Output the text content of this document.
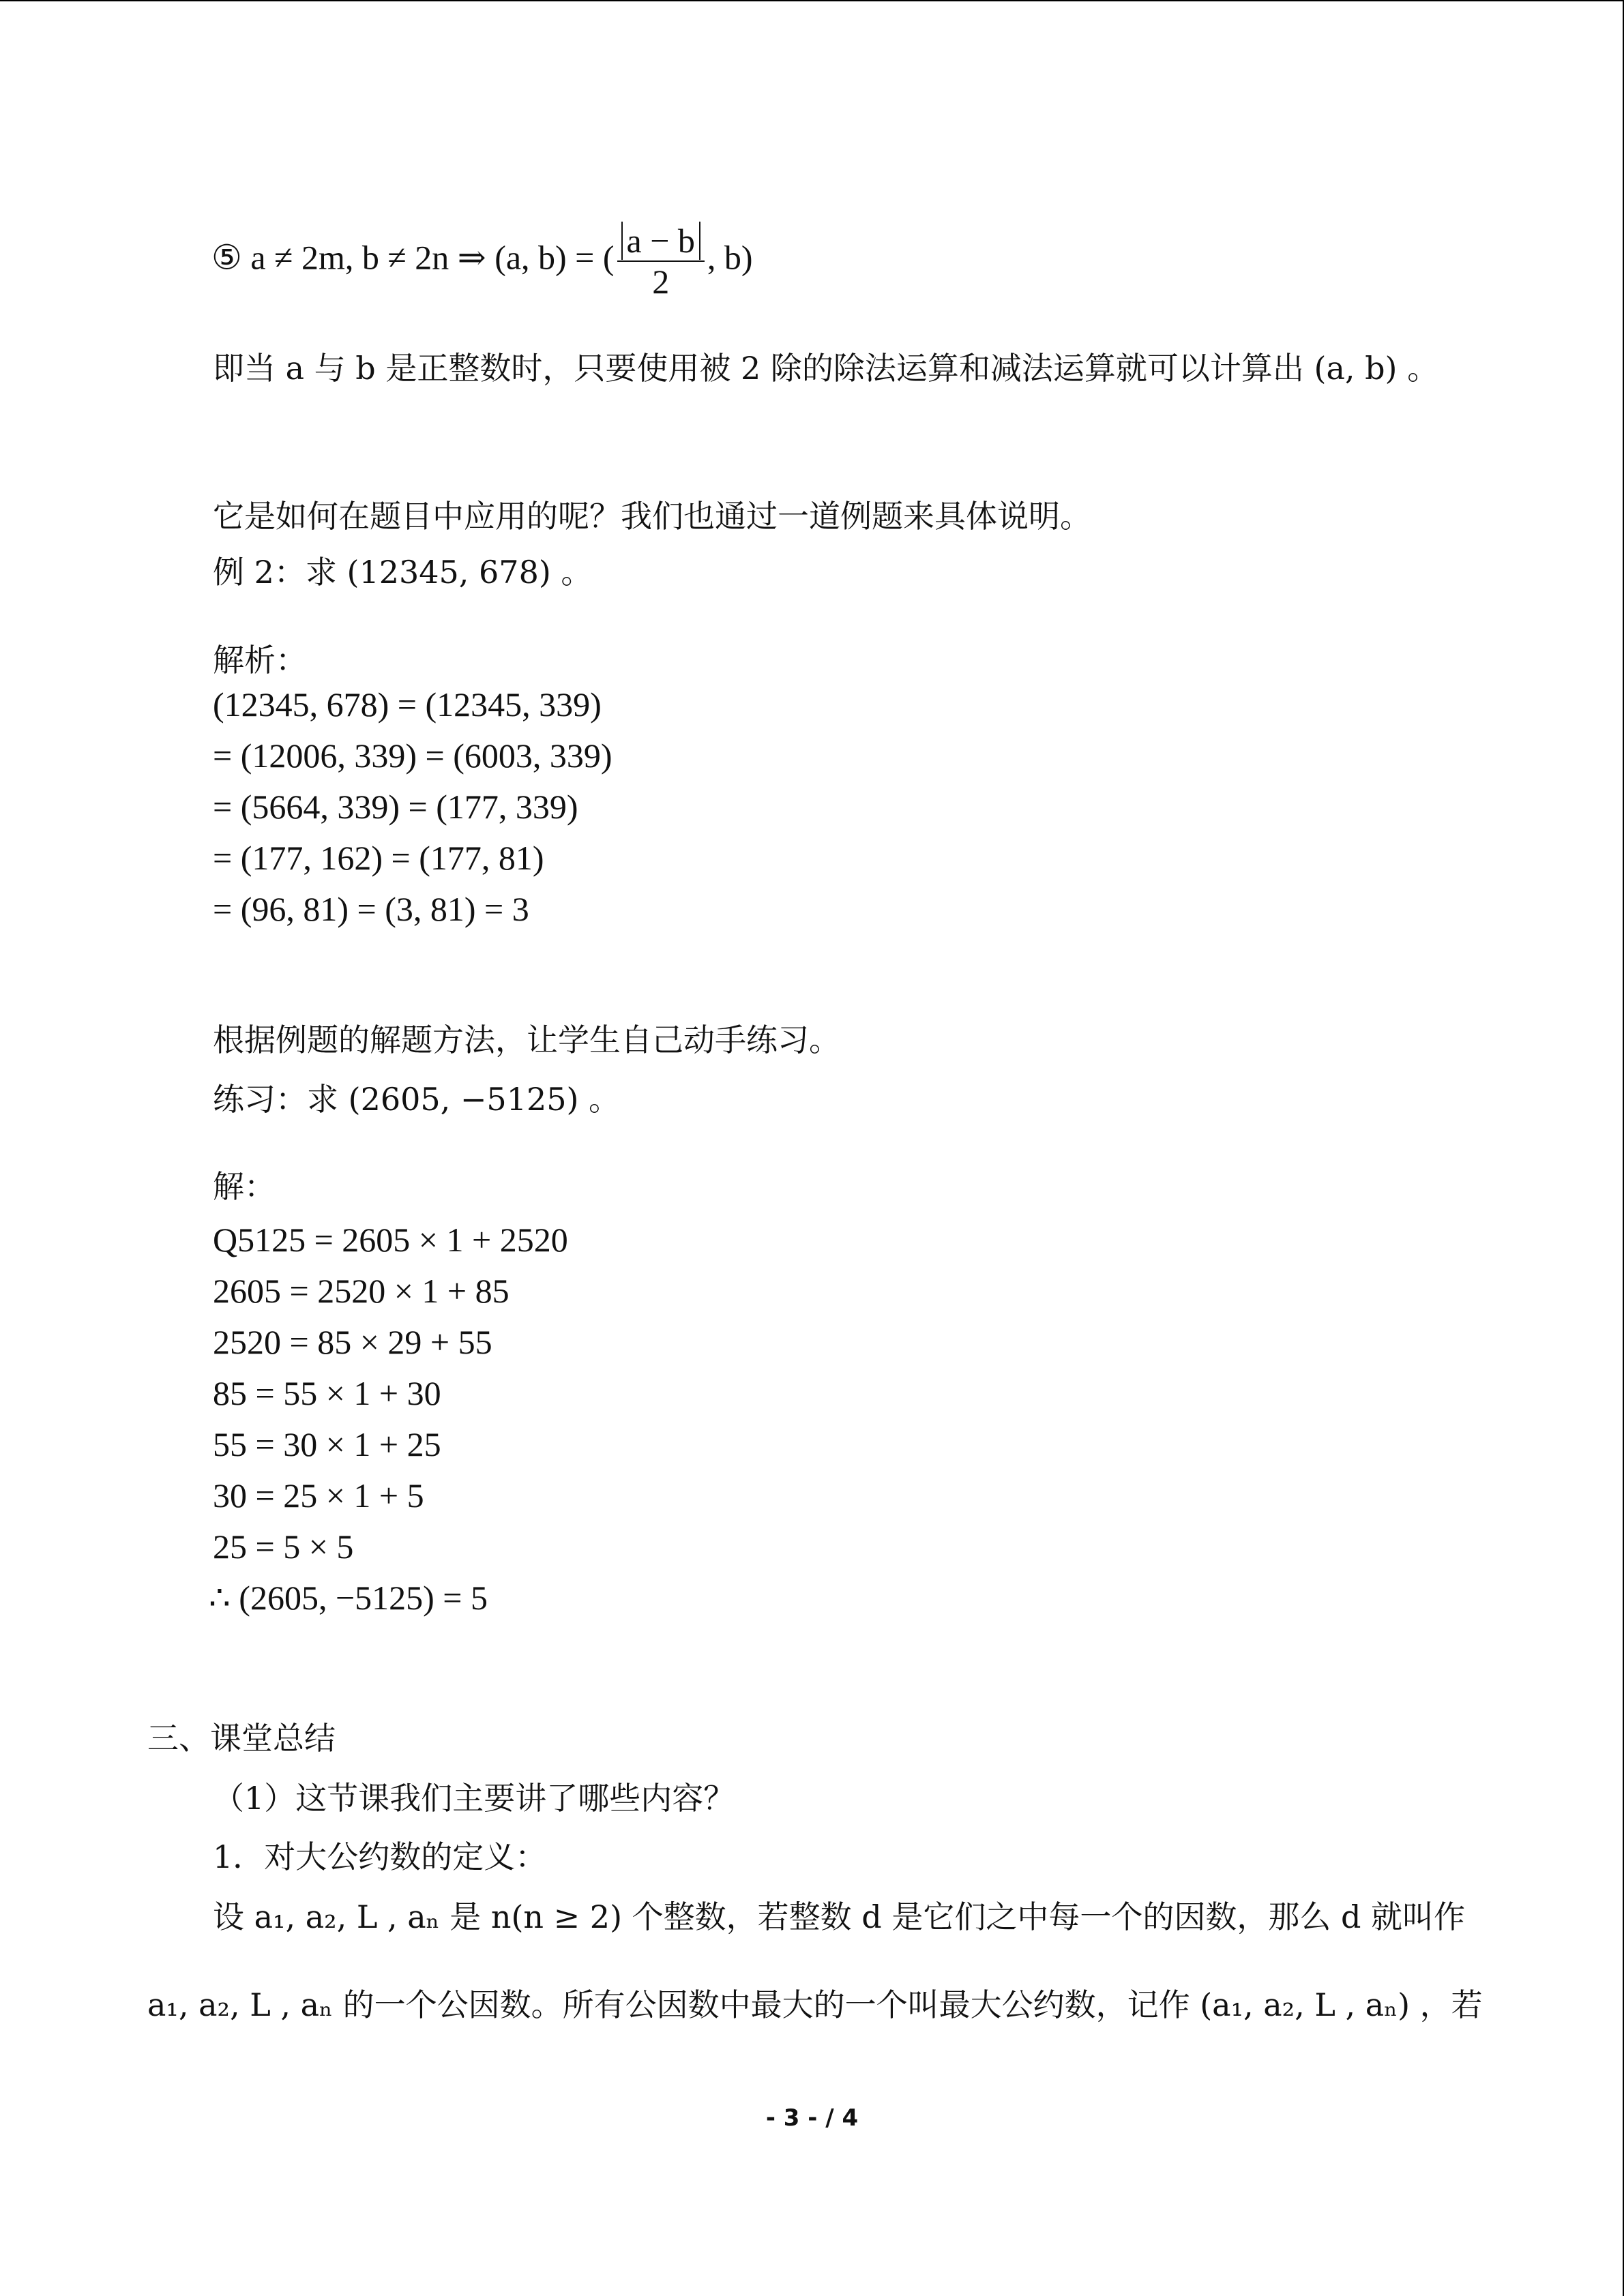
⑤ a ≠ 2m, b ≠ 2n ⇒ (a, b) = ( $\frac{a - b}{2}$ , b)
即当 a 与 b 是正整数时，只要使用被 2 除的除法运算和减法运算就可以计算出 (a, b) 。
它是如何在题目中应用的呢？我们也通过一道例题来具体说明。
例 2：求 (12345, 678) 。
解析：
(12345, 678) = (12345, 339)
= (12006, 339) = (6003, 339)
= (5664, 339) = (177, 339)
= (177, 162) = (177, 81)
= (96, 81) = (3, 81) = 3
根据例题的解题方法，让学生自己动手练习。
练习：求 (2605, −5125) 。
解：
Q5125 = 2605 × 1 + 2520
2605 = 2520 × 1 + 85
2520 = 85 × 29 + 55
85 = 55 × 1 + 30
55 = 30 × 1 + 25
30 = 25 × 1 + 5
25 = 5 × 5
∴ (2605, −5125) = 5
三、课堂总结
（1）这节课我们主要讲了哪些内容？
1．对大公约数的定义：
设 a₁, a₂, L , aₙ 是 n(n ≥ 2) 个整数，若整数 d 是它们之中每一个的因数，那么 d 就叫作
a₁, a₂, L , aₙ 的一个公因数。所有公因数中最大的一个叫最大公约数，记作 (a₁, a₂, L , aₙ) ，若
- 3 - / 4
